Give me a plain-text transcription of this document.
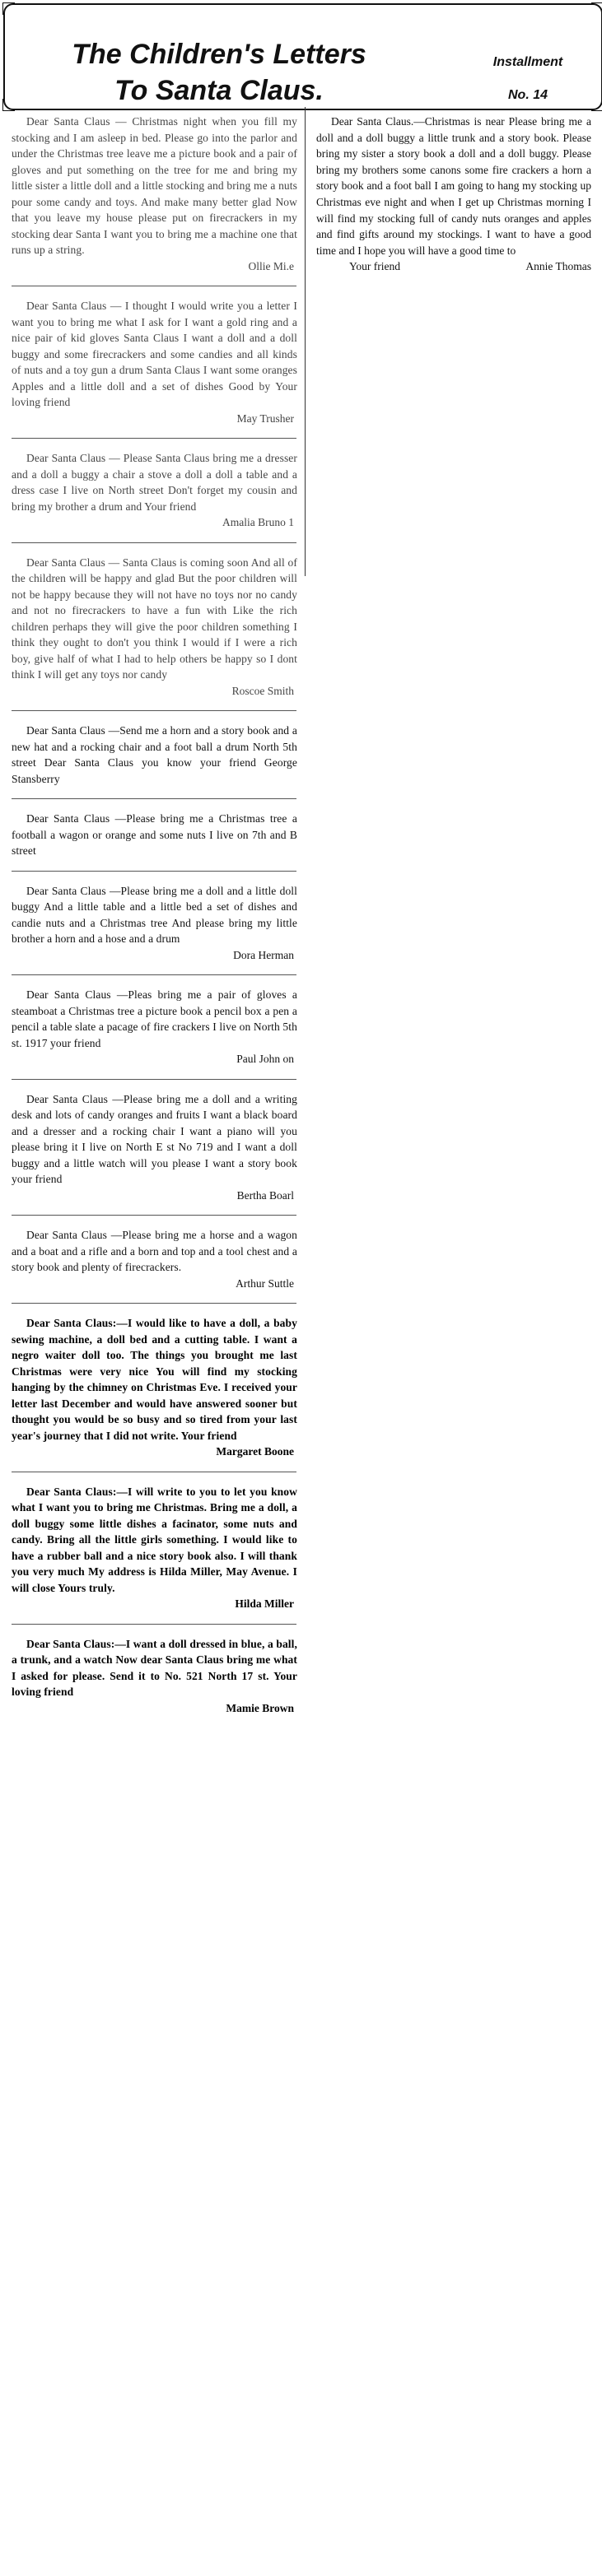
The Children's Letters
To Santa Claus.
Installment
No. 14

Dear Santa Claus — Christmas night when you fill my stocking and I am asleep in bed. Please go into the parlor and under the Christmas tree leave me a picture book and a pair of gloves and put something on the tree for me and bring my little sister a little doll and a little stocking and bring me a nuts pour some candy and toys. And make many better glad Now that you leave my house please put on firecrackers in my stocking dear Santa I want you to bring me a machine one that runs up a string.

Ollie Mi.e

Dear Santa Claus — I thought I would write you a letter I want you to bring me what I ask for I want a gold ring and a nice pair of kid gloves Santa Claus I want a doll and a doll buggy and some firecrackers and some candies and all kinds of nuts and a toy gun a drum Santa Claus I want some oranges Apples and a little doll and a set of dishes Good by Your loving friend

May Trusher

Dear Santa Claus — Please Santa Claus bring me a dresser and a doll a buggy a chair a stove a doll a doll a table and a dress case I live on North street Don't forget my cousin and bring my brother a drum and Your friend

Amalia Bruno 1

Dear Santa Claus — Santa Claus is coming soon And all of the children will be happy and glad But the poor children will not be happy because they will not have no toys nor no candy and not no firecrackers to have a fun with Like the rich children perhaps they will give the poor children something I think they ought to don't you think I would if I were a rich boy, give half of what I had to help others be happy so I dont think I will get any toys nor candy

Roscoe Smith

Dear Santa Claus —Send me a horn and a story book and a new hat and a rocking chair and a foot ball a drum North 5th street Dear Santa Claus you know your friend George Stansberry

Dear Santa Claus —Please bring me a Christmas tree a football a wagon or orange and some nuts I live on 7th and B street

Dear Santa Claus —Please bring me a doll and a little doll buggy And a little table and a little bed a set of dishes and candie nuts and a Christmas tree And please bring my little brother a horn and a hose and a drum

Dora Herman

Dear Santa Claus —Pleas bring me a pair of gloves a steamboat a Christmas tree a picture book a pencil box a pen a pencil a table slate a pacage of fire crackers I live on North 5th st. 1917 your friend

Paul John on

Dear Santa Claus —Please bring me a doll and a writing desk and lots of candy oranges and fruits I want a black board and a dresser and a rocking chair I want a piano will you please bring it I live on North E st No 719 and I want a doll buggy and a little watch will you please I want a story book your friend

Bertha Boarl

Dear Santa Claus —Please bring me a horse and a wagon and a boat and a rifle and a born and top and a tool chest and a story book and plenty of firecrackers.

Arthur Suttle

Dear Santa Claus:—I would like to have a doll, a baby sewing machine, a doll bed and a cutting table. I want a negro waiter doll too. The things you brought me last Christmas were very nice You will find my stocking hanging by the chimney on Christmas Eve. I received your letter last December and would have answered sooner but thought you would be so busy and so tired from your last year's journey that I did not write. Your friend

Margaret Boone

Dear Santa Claus:—I will write to you to let you know what I want you to bring me Christmas. Bring me a doll, a doll buggy some little dishes a facinator, some nuts and candy. Bring all the little girls something. I would like to have a rubber ball and a nice story book also. I will thank you very much My address is Hilda Miller, May Avenue. I will close Yours truly.

Hilda Miller

Dear Santa Claus:—I want a doll dressed in blue, a ball, a trunk, and a watch Now dear Santa Claus bring me what I asked for please. Send it to No. 521 North 17 st. Your loving friend

Mamie Brown

Dear Santa Claus.—Christmas is near Please bring me a doll and a doll buggy a little trunk and a story book. Please bring my sister a story book a doll and a doll buggy. Please bring my brothers some canons some fire crackers a horn a story book and a foot ball I am going to hang my stocking up Christmas eve night and when I get up Christmas morning I will find my stocking full of candy nuts oranges and apples and find gifts around my stockings. I want to have a good time and I hope you will have a good time to

Your friend	Annie Thomas
